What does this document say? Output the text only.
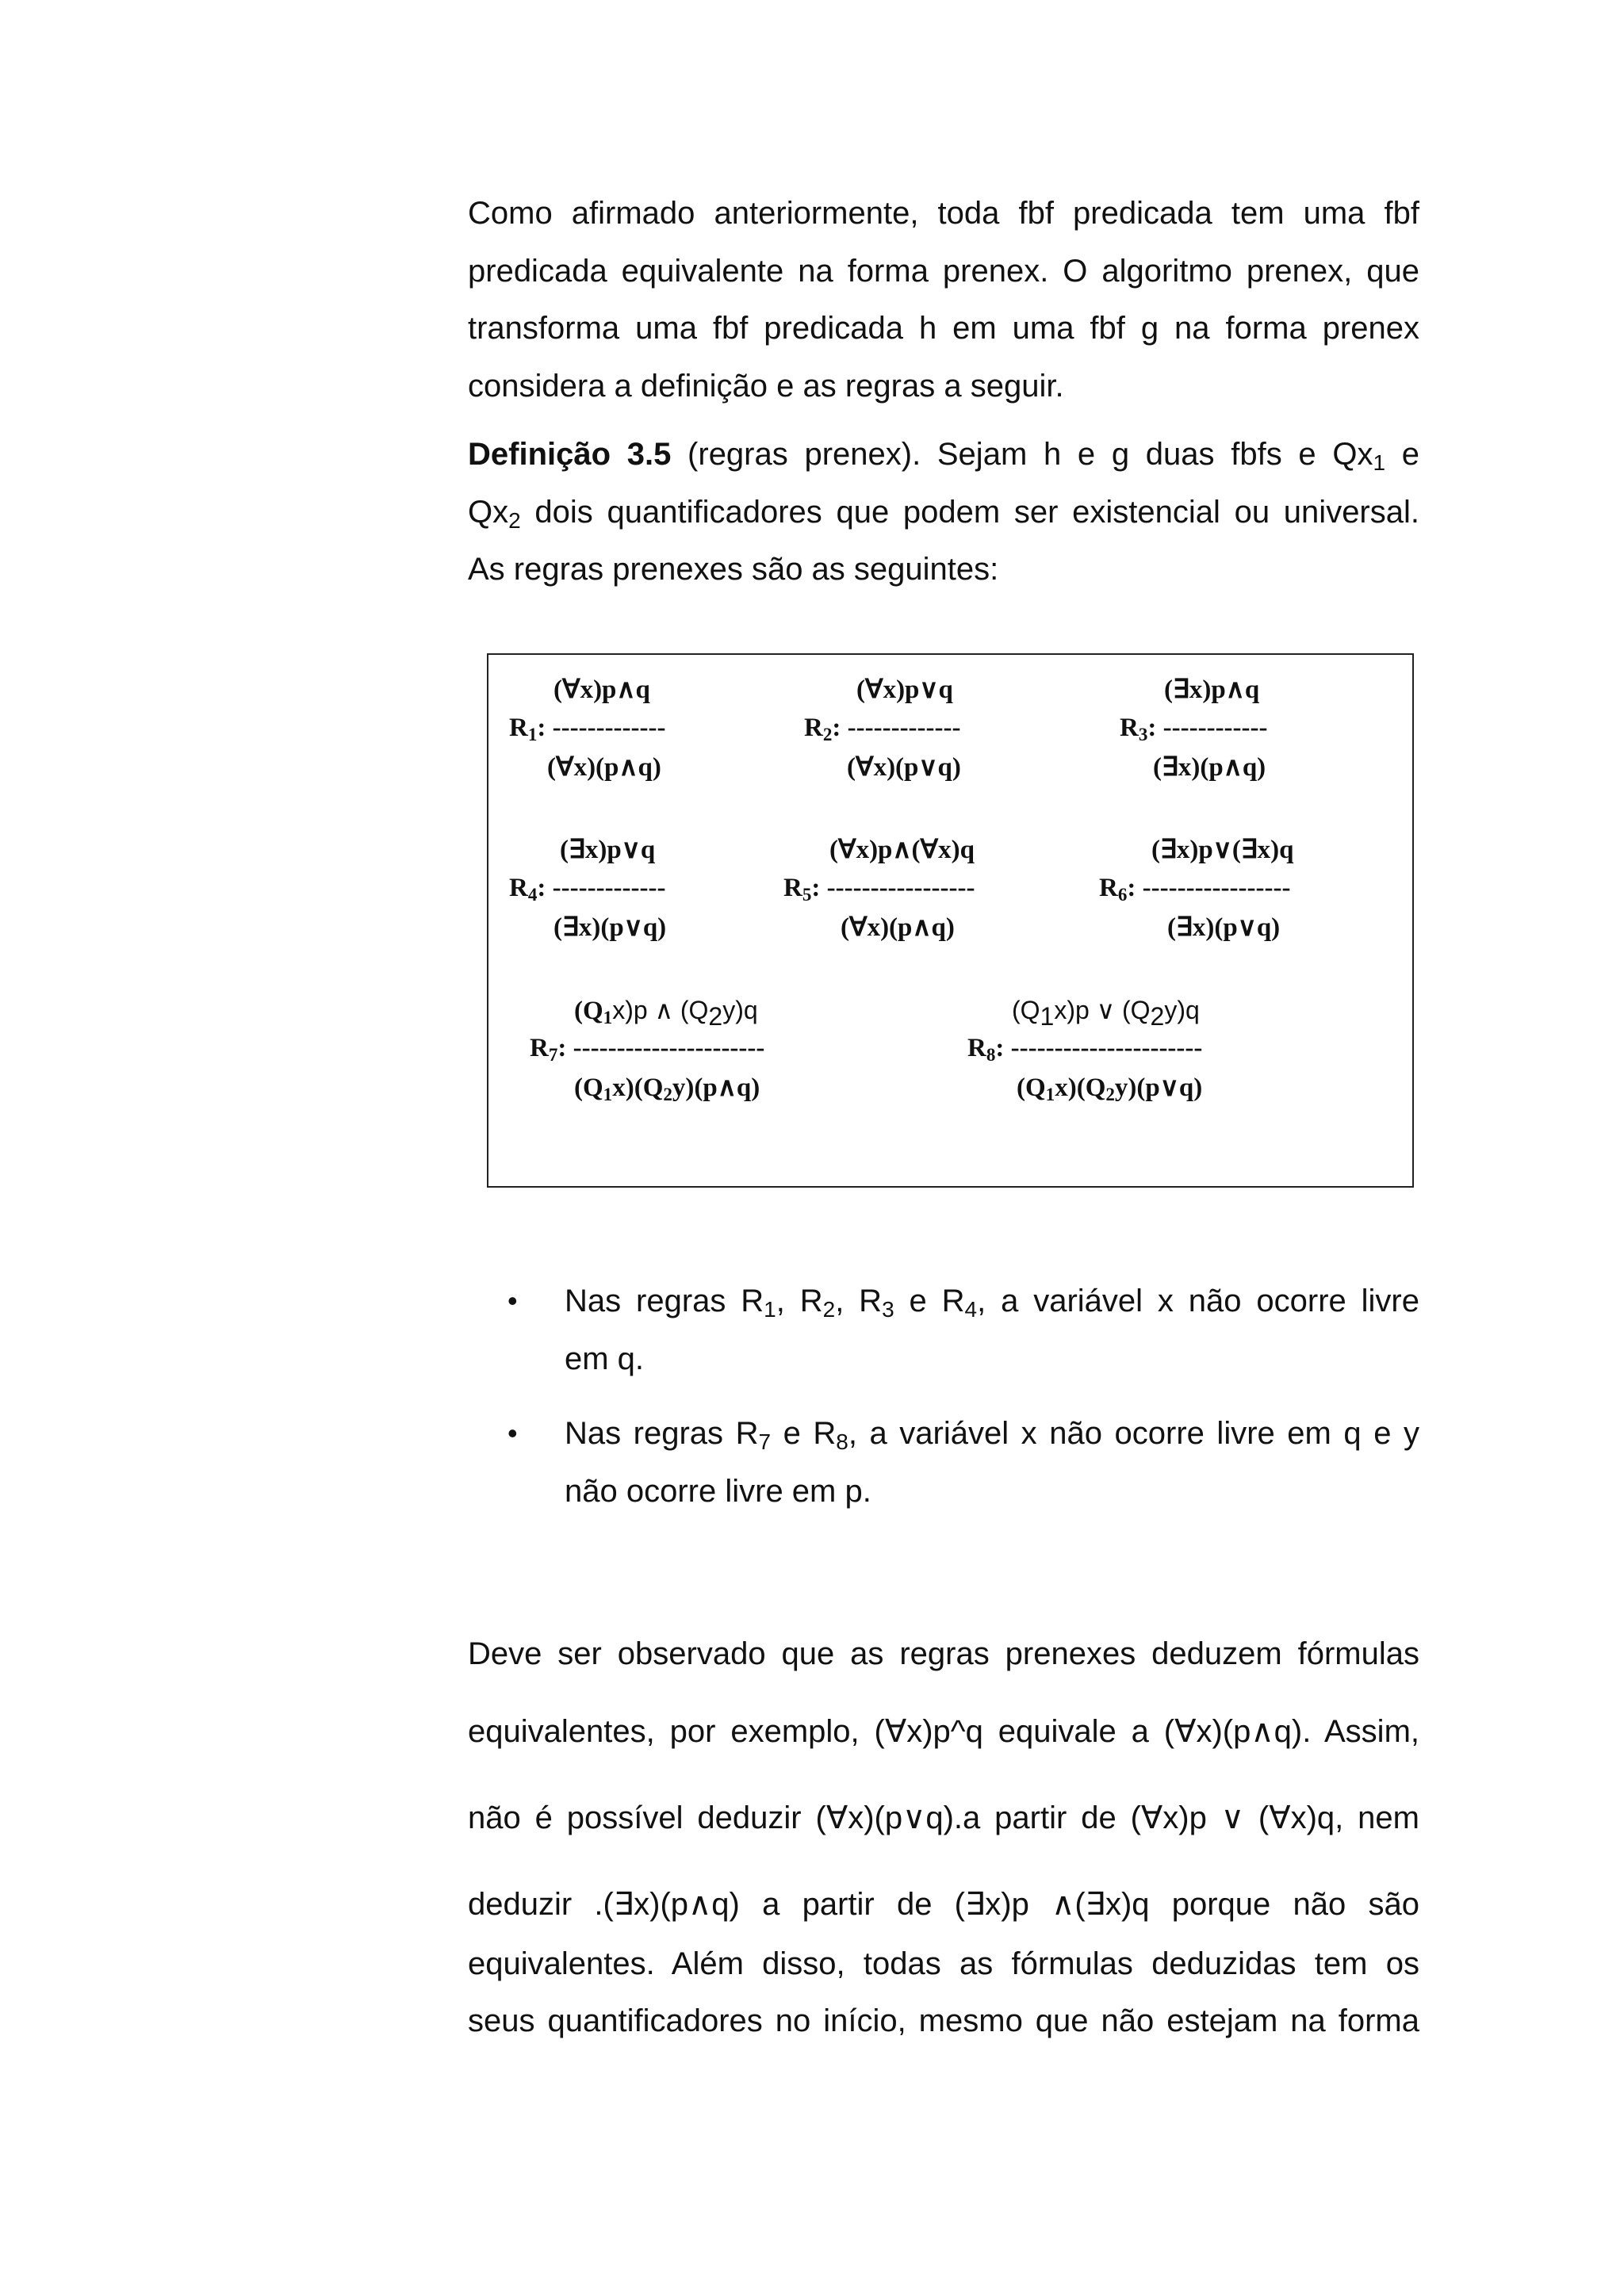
Como afirmado anteriormente, toda fbf predicada tem uma fbf
predicada equivalente na forma prenex. O algoritmo prenex, que
transforma uma fbf predicada h em uma fbf g na forma prenex
considera a definição e as regras a seguir.
Definição 3.5 (regras prenex). Sejam h e g duas fbfs e $Qx_1$ e
$Qx_2$ dois quantificadores que podem ser existencial ou universal.
As regras prenexes são as seguintes:
(∀x)p∧q
$R_1$: -------------
(∀x)(p∧q)
(∀x)p∨q
$R_2$: -------------
(∀x)(p∨q)
(∃x)p∧q
$R_3$: ------------
(∃x)(p∧q)
(∃x)p∨q
$R_4$: -------------
(∃x)(p∨q)
(∀x)p∧(∀x)q
$R_5$: -----------------
(∀x)(p∧q)
(∃x)p∨(∃x)q
$R_6$: -----------------
(∃x)(p∨q)
$(Q_1x)p$ ∧ $(Q_2y)q$
$R_7$: ----------------------
$(Q_1x)(Q_2y)(p\wedge q)$
$(Q_1x)p$ ∨ $(Q_2y)q$
$R_8$: ----------------------
$(Q_1x)(Q_2y)(p\vee q)$
• Nas regras $R_1$, $R_2$, $R_3$ e $R_4$, a variável x não ocorre livre
em q.
• Nas regras $R_7$ e $R_8$, a variável x não ocorre livre em q e y
não ocorre livre em p.
Deve ser observado que as regras prenexes deduzem fórmulas
equivalentes, por exemplo, (∀x)p^q equivale a (∀x)(p∧q). Assim,
não é possível deduzir (∀x)(p∨q).a partir de (∀x)p ∨ (∀x)q, nem
deduzir .(∃x)(p∧q) a partir de (∃x)p ∧(∃x)q porque não são
equivalentes. Além disso, todas as fórmulas deduzidas tem os
seus quantificadores no início, mesmo que não estejam na forma
